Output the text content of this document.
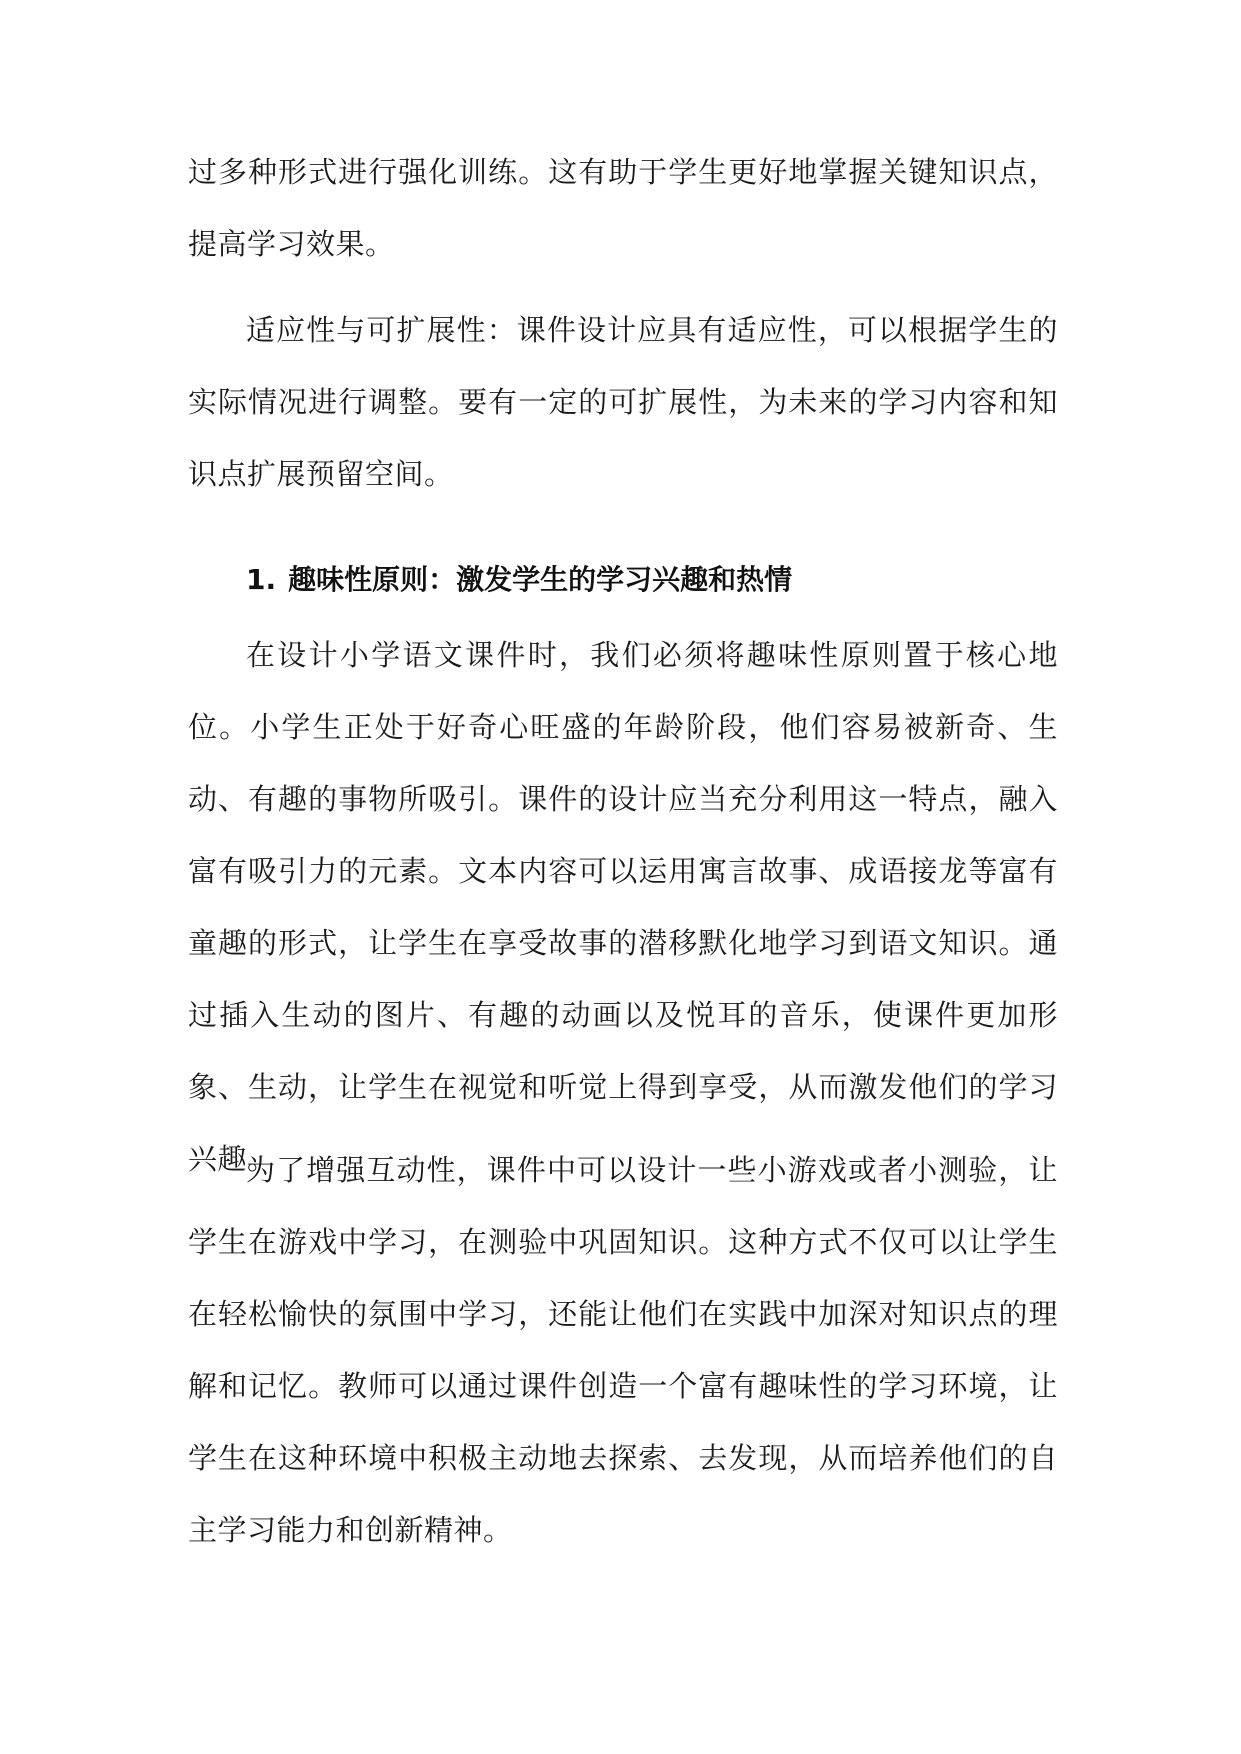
过多种形式进行强化训练。这有助于学生更好地掌握关键知识点，提高学习效果。

适应性与可扩展性：课件设计应具有适应性，可以根据学生的实际情况进行调整。要有一定的可扩展性，为未来的学习内容和知识点扩展预留空间。

1. 趣味性原则：激发学生的学习兴趣和热情

在设计小学语文课件时，我们必须将趣味性原则置于核心地位。小学生正处于好奇心旺盛的年龄阶段，他们容易被新奇、生动、有趣的事物所吸引。课件的设计应当充分利用这一特点，融入富有吸引力的元素。文本内容可以运用寓言故事、成语接龙等富有童趣的形式，让学生在享受故事的潜移默化地学习到语文知识。通过插入生动的图片、有趣的动画以及悦耳的音乐，使课件更加形象、生动，让学生在视觉和听觉上得到享受，从而激发他们的学习兴趣。

为了增强互动性，课件中可以设计一些小游戏或者小测验，让学生在游戏中学习，在测验中巩固知识。这种方式不仅可以让学生在轻松愉快的氛围中学习，还能让他们在实践中加深对知识点的理解和记忆。教师可以通过课件创造一个富有趣味性的学习环境，让学生在这种环境中积极主动地去探索、去发现，从而培养他们的自主学习能力和创新精神。
